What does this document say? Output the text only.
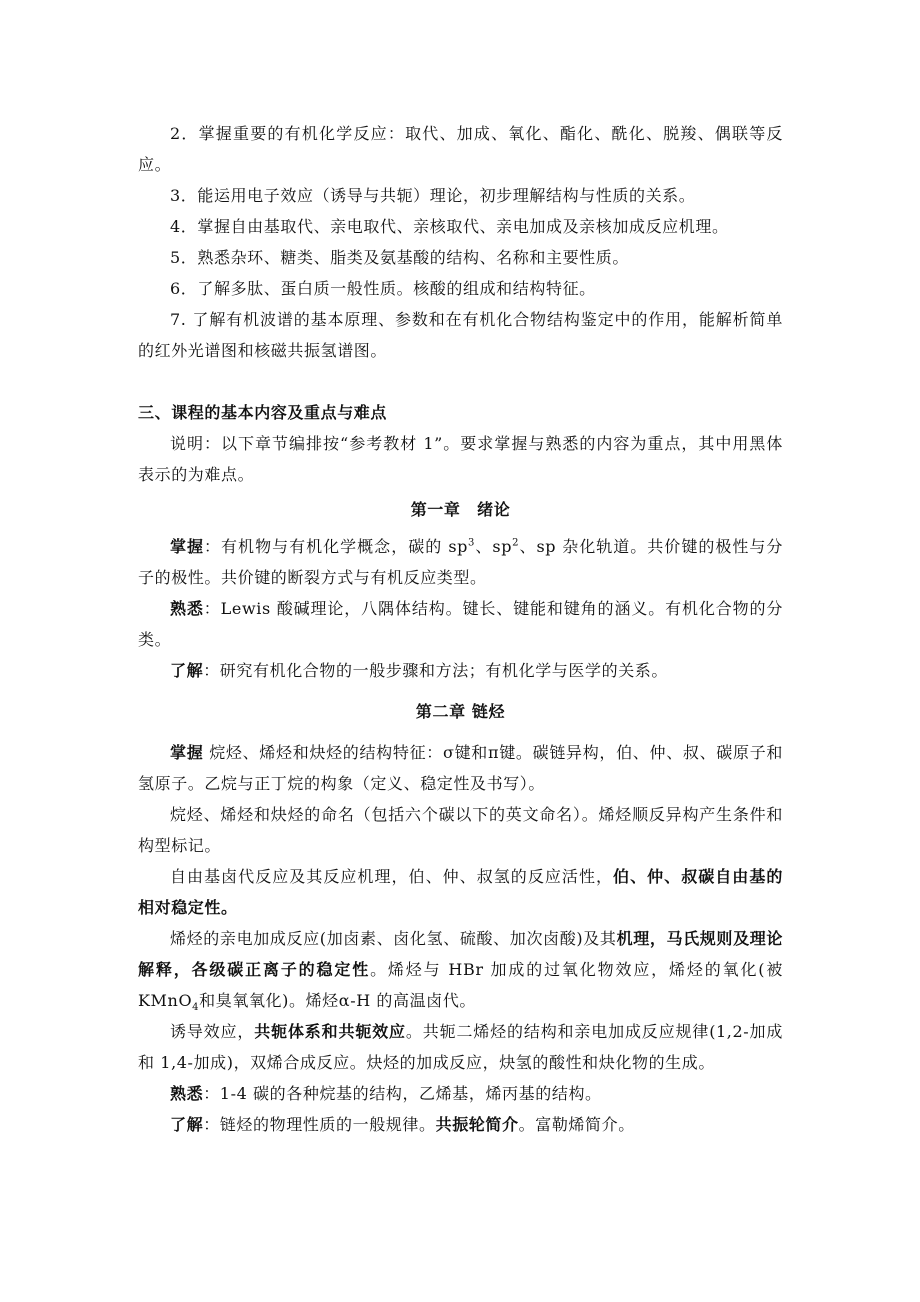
2．掌握重要的有机化学反应：取代、加成、氧化、酯化、酰化、脱羧、偶联等反应。

3．能运用电子效应（诱导与共轭）理论，初步理解结构与性质的关系。

4．掌握自由基取代、亲电取代、亲核取代、亲电加成及亲核加成反应机理。

5．熟悉杂环、糖类、脂类及氨基酸的结构、名称和主要性质。

6．了解多肽、蛋白质一般性质。核酸的组成和结构特征。

7. 了解有机波谱的基本原理、参数和在有机化合物结构鉴定中的作用，能解析简单的红外光谱图和核磁共振氢谱图。

三、课程的基本内容及重点与难点

说明：以下章节编排按“参考教材 1”。要求掌握与熟悉的内容为重点，其中用黑体表示的为难点。

第一章　绪论

掌握：有机物与有机化学概念，碳的 $sp^3$、$sp^2$、sp 杂化轨道。共价键的极性与分子的极性。共价键的断裂方式与有机反应类型。

熟悉：Lewis 酸碱理论，八隅体结构。键长、键能和键角的涵义。有机化合物的分类。

了解：研究有机化合物的一般步骤和方法；有机化学与医学的关系。

第二章 链烃

掌握 烷烃、烯烃和炔烃的结构特征：σ键和π键。碳链异构，伯、仲、叔、碳原子和氢原子。乙烷与正丁烷的构象（定义、稳定性及书写）。

烷烃、烯烃和炔烃的命名（包括六个碳以下的英文命名）。烯烃顺反异构产生条件和构型标记。

自由基卤代反应及其反应机理，伯、仲、叔氢的反应活性，伯、仲、叔碳自由基的相对稳定性。

烯烃的亲电加成反应(加卤素、卤化氢、硫酸、加次卤酸)及其机理，马氏规则及理论解释，各级碳正离子的稳定性。烯烃与 HBr 加成的过氧化物效应，烯烃的氧化(被 KMnO$_4$和臭氧氧化)。烯烃α-H 的高温卤代。

诱导效应，共轭体系和共轭效应。共轭二烯烃的结构和亲电加成反应规律(1,2-加成和 1,4-加成)，双烯合成反应。炔烃的加成反应，炔氢的酸性和炔化物的生成。

熟悉：1-4 碳的各种烷基的结构，乙烯基，烯丙基的结构。

了解：链烃的物理性质的一般规律。共振轮简介。富勒烯简介。
